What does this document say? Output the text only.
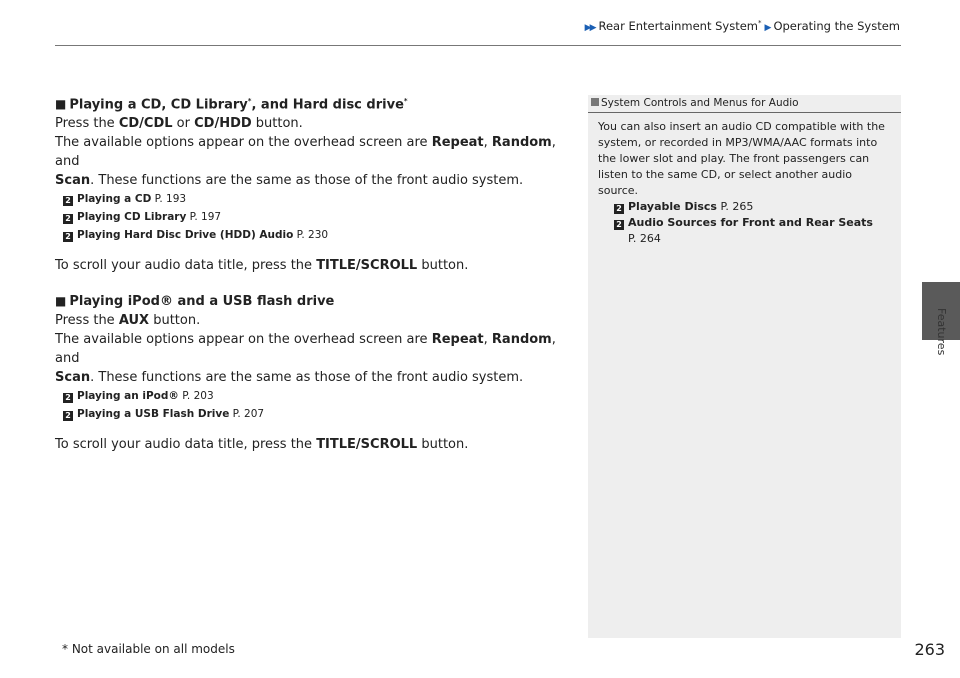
▶▶ Rear Entertainment System* ▶ Operating the System
Features

■ Playing a CD, CD Library*, and Hard disc drive*

Press the CD/CDL or CD/HDD button.

The available options appear on the overhead screen are Repeat, Random, and
Scan. These functions are the same as those of the front audio system.

2 Playing a CD P. 193
2 Playing CD Library P. 197
2 Playing Hard Disc Drive (HDD) Audio P. 230

To scroll your audio data title, press the TITLE/SCROLL button.

■ Playing iPod® and a USB flash drive

Press the AUX button.

The available options appear on the overhead screen are Repeat, Random, and
Scan. These functions are the same as those of the front audio system.

2 Playing an iPod® P. 203
2 Playing a USB Flash Drive P. 207

To scroll your audio data title, press the TITLE/SCROLL button.

System Controls and Menus for Audio

You can also insert an audio CD compatible with the system, or recorded in MP3/WMA/AAC formats into the lower slot and play. The front passengers can listen to the same CD, or select another audio source.

2 Playable Discs P. 265
2 Audio Sources for Front and Rear Seats
P. 264
* Not available on all models	263
